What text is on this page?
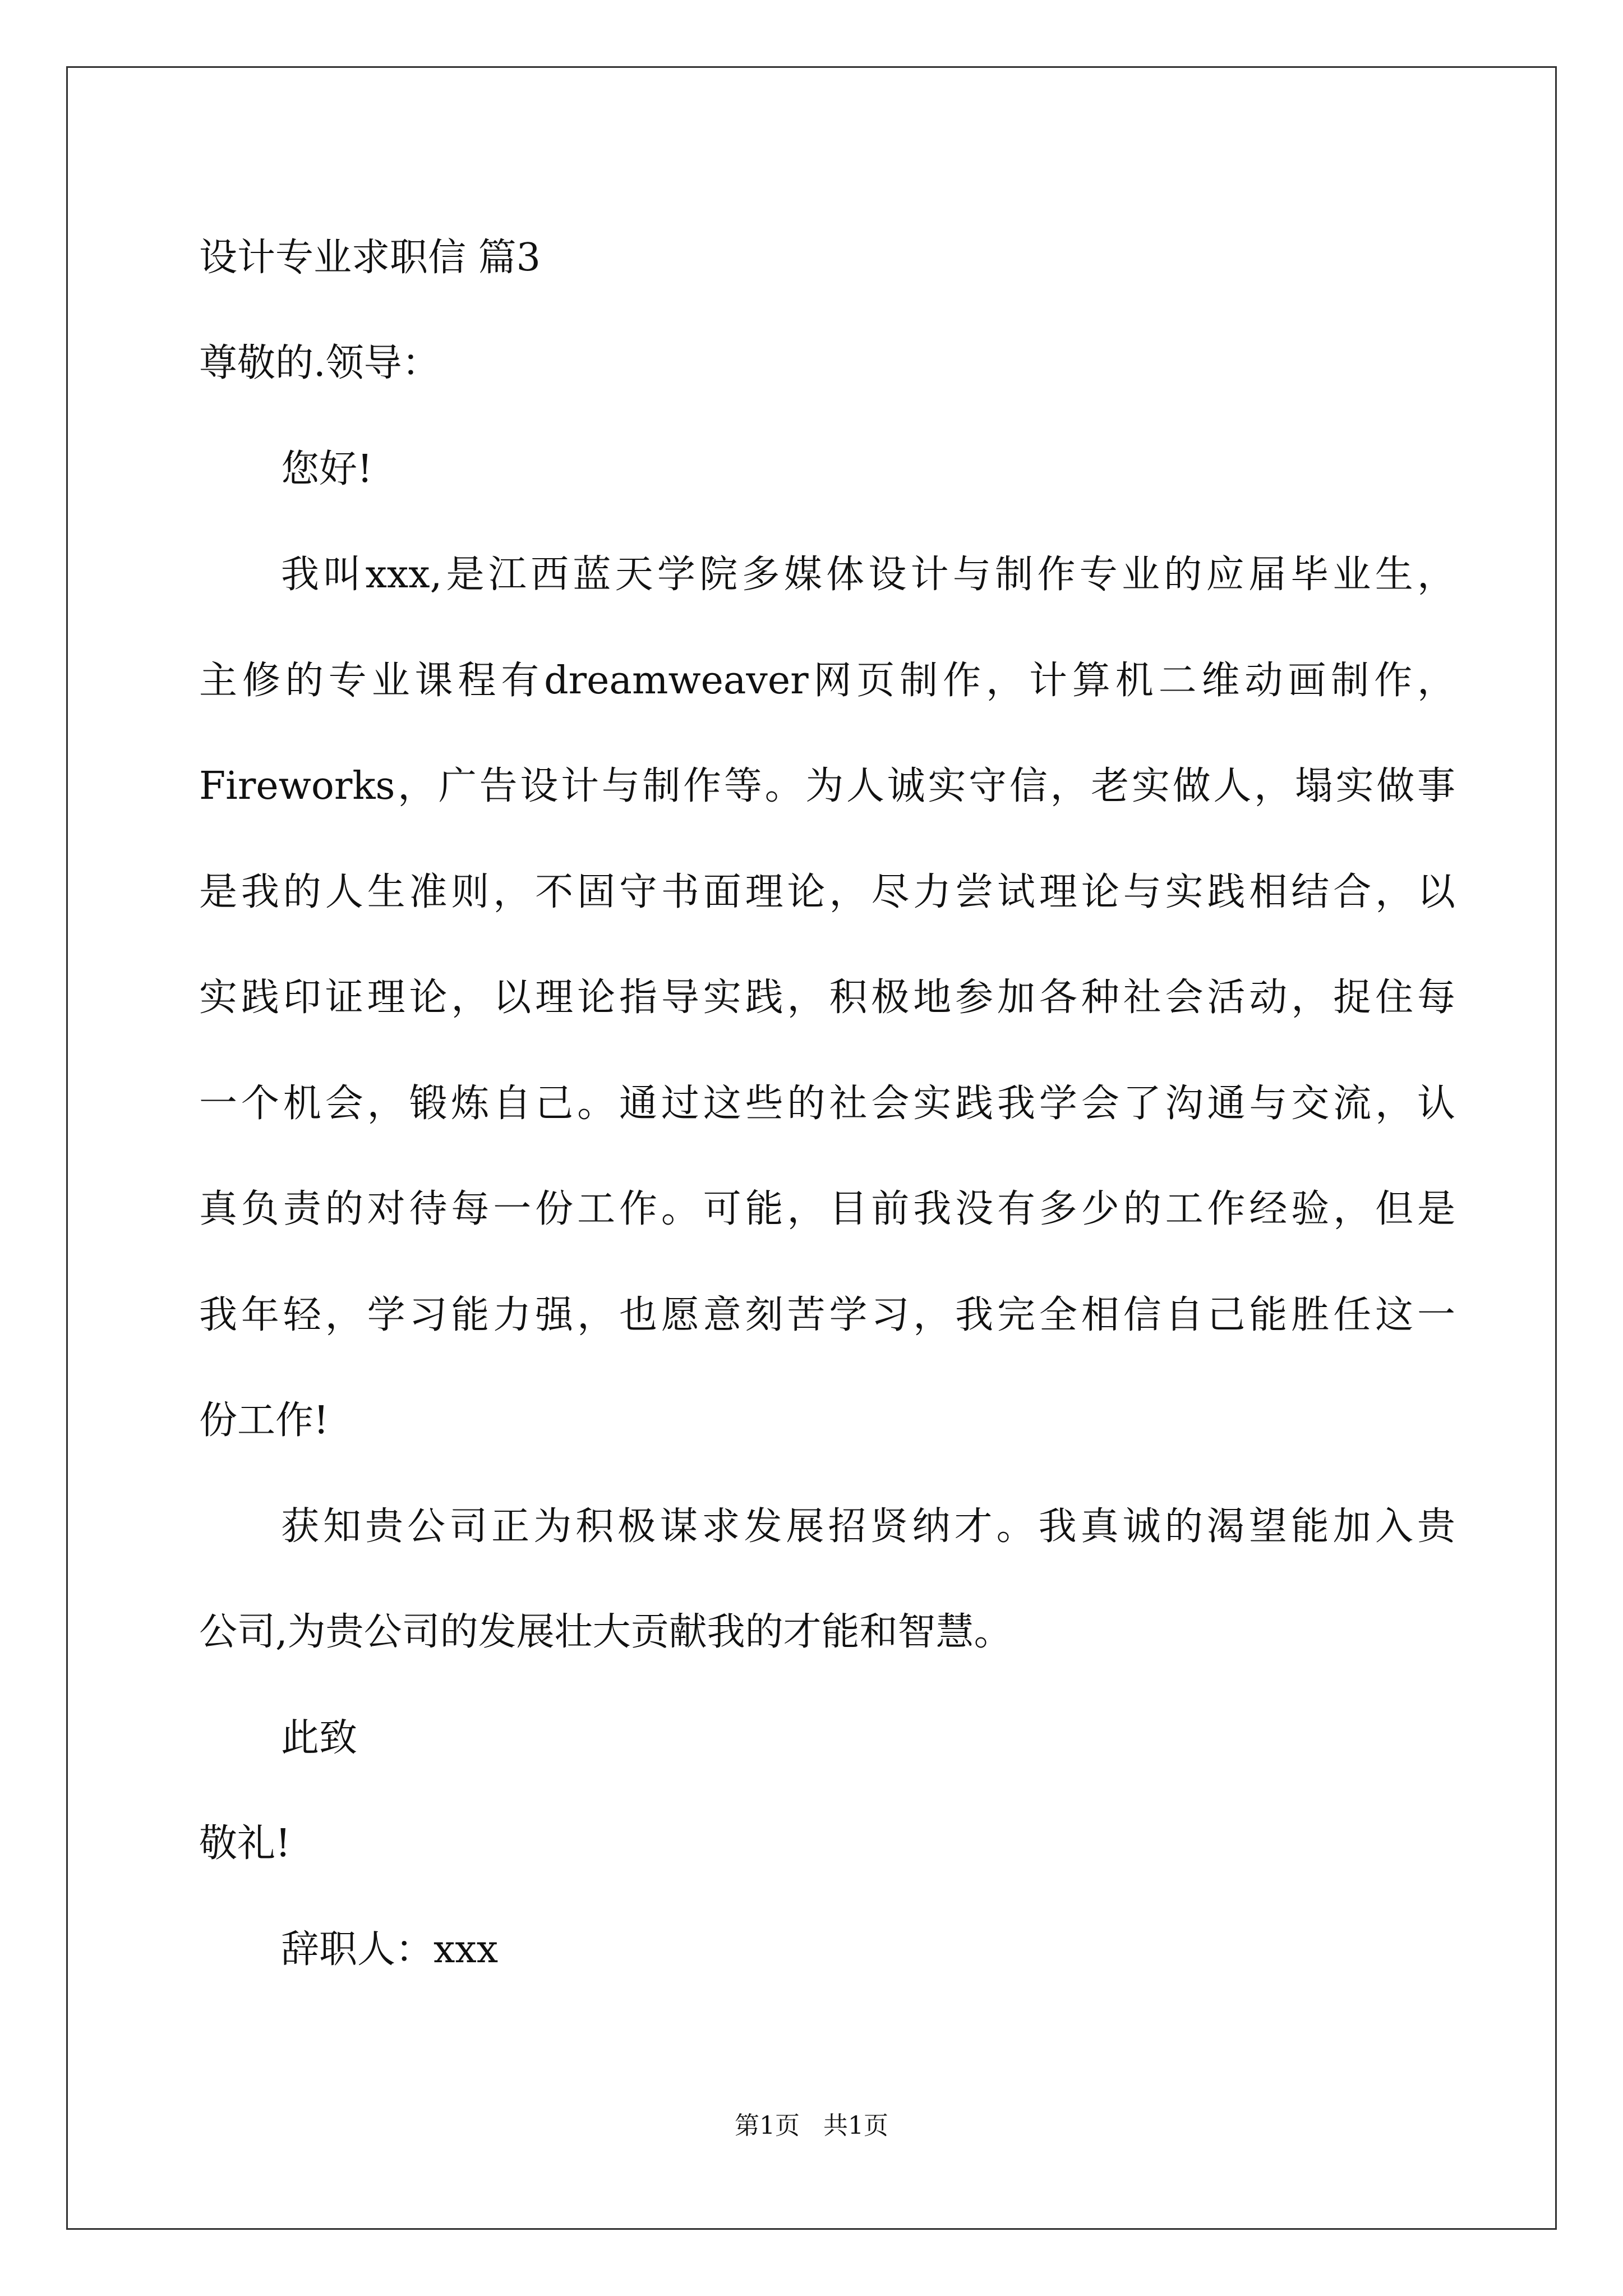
设计专业求职信 篇3
尊敬的.领导：
您好!
我叫xxx,是江西蓝天学院多媒体设计与制作专业的应届毕业生，
主修的专业课程有dreamweaver网页制作，计算机二维动画制作，
Fireworks，广告设计与制作等。为人诚实守信，老实做人，塌实做事
是我的人生准则，不固守书面理论，尽力尝试理论与实践相结合，以
实践印证理论，以理论指导实践，积极地参加各种社会活动，捉住每
一个机会，锻炼自己。通过这些的社会实践我学会了沟通与交流，认
真负责的对待每一份工作。可能，目前我没有多少的工作经验，但是
我年轻，学习能力强，也愿意刻苦学习，我完全相信自己能胜任这一
份工作!
获知贵公司正为积极谋求发展招贤纳才。我真诚的渴望能加入贵
公司,为贵公司的发展壮大贡献我的才能和智慧。
此致
敬礼!
辞职人：xxx
第1页 共1页
